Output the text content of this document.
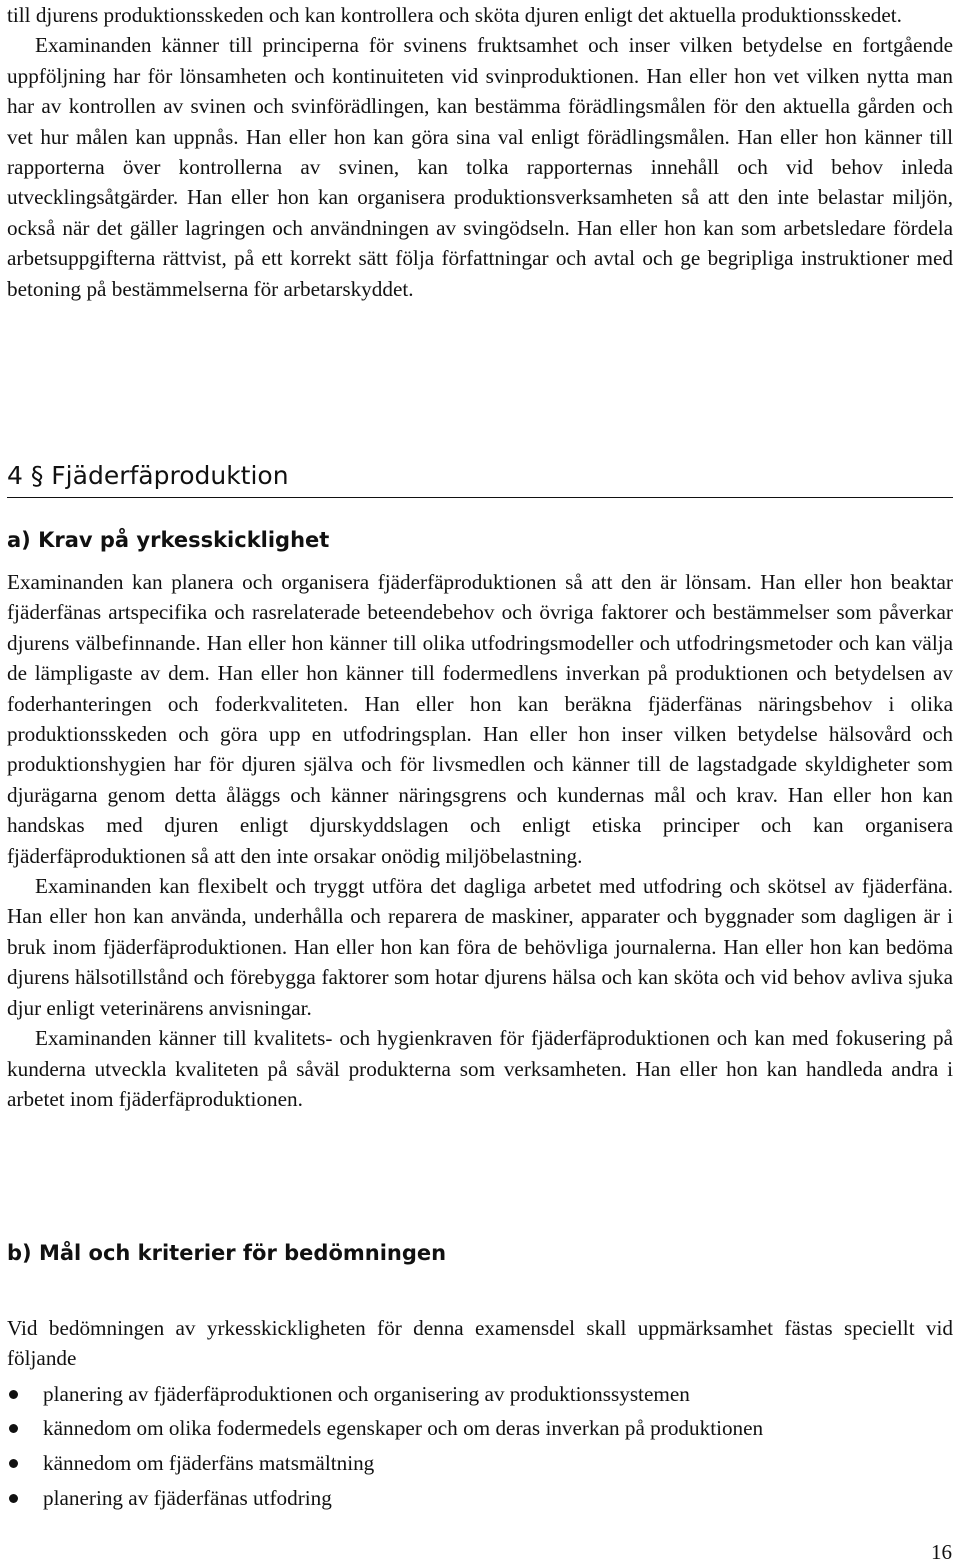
till djurens produktionsskeden och kan kontrollera och sköta djuren enligt det aktuella produktionsskedet.

Examinanden känner till principerna för svinens fruktsamhet och inser vilken betydelse en fortgående uppföljning har för lönsamheten och kontinuiteten vid svinproduktionen. Han eller hon vet vilken nytta man har av kontrollen av svinen och svinförädlingen, kan bestämma förädlingsmålen för den aktuella gården och vet hur målen kan uppnås. Han eller hon kan göra sina val enligt förädlingsmålen. Han eller hon känner till rapporterna över kontrollerna av svinen, kan tolka rapporternas innehåll och vid behov inleda utvecklingsåtgärder. Han eller hon kan organisera produktionsverksamheten så att den inte belastar miljön, också när det gäller lagringen och användningen av svingödseln. Han eller hon kan som arbetsledare fördela arbetsuppgifterna rättvist, på ett korrekt sätt följa författningar och avtal och ge begripliga instruktioner med betoning på bestämmelserna för arbetarskyddet.

4 § Fjäderfäproduktion
a) Krav på yrkesskicklighet

Examinanden kan planera och organisera fjäderfäproduktionen så att den är lönsam. Han eller hon beaktar fjäderfänas artspecifika och rasrelaterade beteendebehov och övriga faktorer och bestämmelser som påverkar djurens välbefinnande. Han eller hon känner till olika utfodringsmodeller och utfodringsmetoder och kan välja de lämpligaste av dem. Han eller hon känner till fodermedlens inverkan på produktionen och betydelsen av foderhanteringen och foderkvaliteten. Han eller hon kan beräkna fjäderfänas näringsbehov i olika produktionsskeden och göra upp en utfodringsplan. Han eller hon inser vilken betydelse hälsovård och produktionshygien har för djuren själva och för livsmedlen och känner till de lagstadgade skyldigheter som djurägarna genom detta åläggs och känner näringsgrens och kundernas mål och krav. Han eller hon kan handskas med djuren enligt djurskyddslagen och enligt etiska principer och kan organisera fjäderfäproduktionen så att den inte orsakar onödig miljöbelastning.

Examinanden kan flexibelt och tryggt utföra det dagliga arbetet med utfodring och skötsel av fjäderfäna. Han eller hon kan använda, underhålla och reparera de maskiner, apparater och byggnader som dagligen är i bruk inom fjäderfäproduktionen. Han eller hon kan föra de behövliga journalerna. Han eller hon kan bedöma djurens hälsotillstånd och förebygga faktorer som hotar djurens hälsa och kan sköta och vid behov avliva sjuka djur enligt veterinärens anvisningar.

Examinanden känner till kvalitets- och hygienkraven för fjäderfäproduktionen och kan med fokusering på kunderna utveckla kvaliteten på såväl produkterna som verksamheten. Han eller hon kan handleda andra i arbetet inom fjäderfäproduktionen.

b) Mål och kriterier för bedömningen

Vid bedömningen av yrkesskickligheten för denna examensdel skall uppmärksamhet fästas speciellt vid följande

planering av fjäderfäproduktionen och organisering av produktionssystemen
kännedom om olika fodermedels egenskaper och om deras inverkan på produktionen
kännedom om fjäderfäns matsmältning
planering av fjäderfänas utfodring
16
